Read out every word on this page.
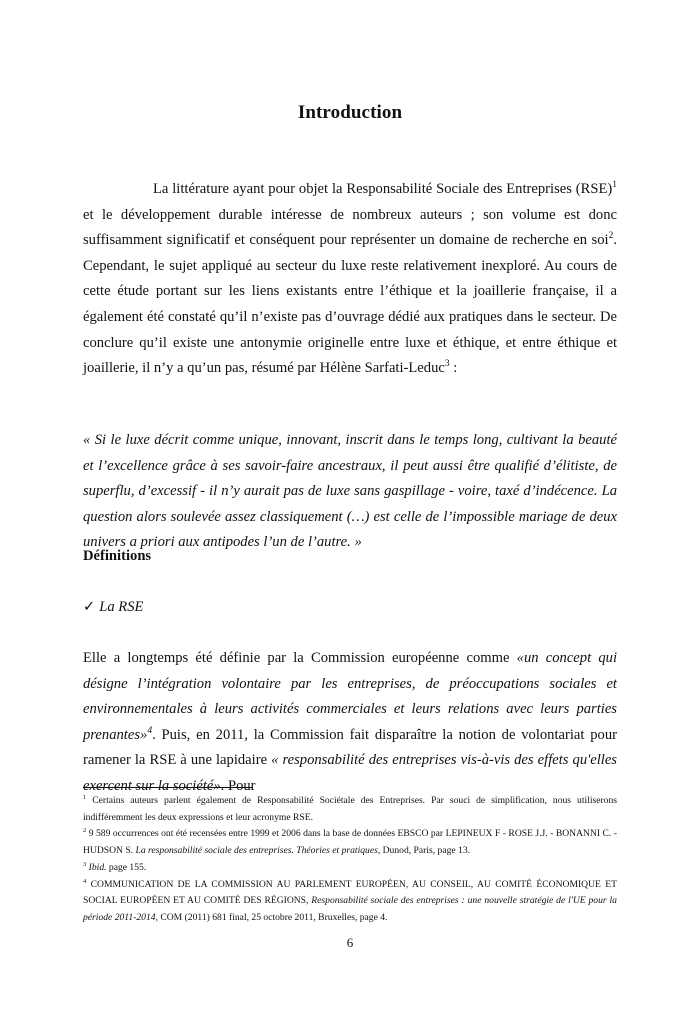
Introduction

La littérature ayant pour objet la Responsabilité Sociale des Entreprises (RSE)$^1$ et le développement durable intéresse de nombreux auteurs ; son volume est donc suffisamment significatif et conséquent pour représenter un domaine de recherche en soi$^2$. Cependant, le sujet appliqué au secteur du luxe reste relativement inexploré. Au cours de cette étude portant sur les liens existants entre l’éthique et la joaillerie française, il a également été constaté qu’il n’existe pas d’ouvrage dédié aux pratiques dans le secteur. De conclure qu’il existe une antonymie originelle entre luxe et éthique, et entre éthique et joaillerie, il n’y a qu’un pas, résumé par Hélène Sarfati-Leduc$^3$ :

« Si le luxe décrit comme unique, innovant, inscrit dans le temps long, cultivant la beauté et l’excellence grâce à ses savoir-faire ancestraux, il peut aussi être qualifié d’élitiste, de superflu, d’excessif - il n’y aurait pas de luxe sans gaspillage - voire, taxé d’indécence. La question alors soulevée assez classiquement (…) est celle de l’impossible mariage de deux univers a priori aux antipodes l’un de l’autre. »

Définitions
✓ La RSE

Elle a longtemps été définie par la Commission européenne comme «un concept qui désigne l’intégration volontaire par les entreprises, de préoccupations sociales et environnementales à leurs activités commerciales et leurs relations avec leurs parties prenantes»$^4$. Puis, en 2011, la Commission fait disparaître la notion de volontariat pour ramener la RSE à une lapidaire « responsabilité des entreprises vis-à-vis des effets qu'elles exercent sur la société». Pour

$^1$ Certains auteurs parlent également de Responsabilité Sociétale des Entreprises. Par souci de simplification, nous utiliserons indifféremment les deux expressions et leur acronyme RSE.

$^2$ 9 589 occurrences ont été recensées entre 1999 et 2006 dans la base de données EBSCO par LEPINEUX F - ROSE J.J. - BONANNI C. - HUDSON S. La responsabilité sociale des entreprises. Théories et pratiques, Dunod, Paris, page 13.

$^3$ Ibid. page 155.

$^4$ COMMUNICATION DE LA COMMISSION AU PARLEMENT EUROPÉEN, AU CONSEIL, AU COMITÉ ÉCONOMIQUE ET SOCIAL EUROPÉEN ET AU COMITÉ DES RÉGIONS, Responsabilité sociale des entreprises : une nouvelle stratégie de l'UE pour la période 2011-2014, COM (2011) 681 final, 25 octobre 2011, Bruxelles, page 4.

6
